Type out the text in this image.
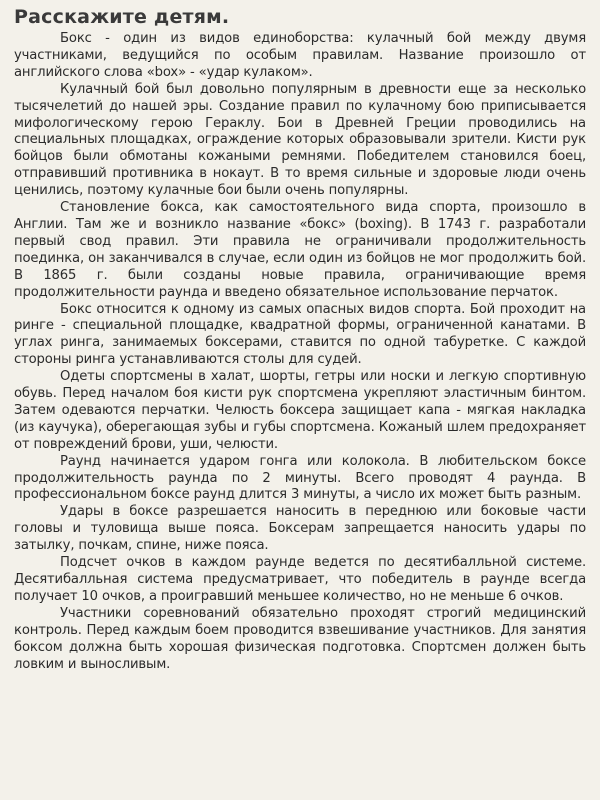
Расскажите детям.

Бокс - один из видов единоборства: кулачный бой между двумя участниками, ведущийся по особым правилам. Название произошло от английского слова «box» - «удар кулаком».

Кулачный бой был довольно популярным в древности еще за несколько тысячелетий до нашей эры. Создание правил по кулачному бою приписывается мифологическому герою Гераклу. Бои в Древней Греции проводились на специальных площадках, ограждение которых образовывали зрители. Кисти рук бойцов были обмотаны кожаными ремнями. Победителем становился боец, отправивший противника в нокаут. В то время сильные и здоровые люди очень ценились, поэтому кулачные бои были очень популярны.

Становление бокса, как самостоятельного вида спорта, произошло в Англии. Там же и возникло название «бокс» (boxing). В 1743 г. разработали первый свод правил. Эти правила не ограничивали продолжительность поединка, он заканчивался в случае, если один из бойцов не мог продолжить бой. В 1865 г. были созданы новые правила, ограничивающие время продолжительности раунда и введено обязательное использование перчаток.

Бокс относится к одному из самых опасных видов спорта. Бой проходит на ринге - специальной площадке, квадратной формы, ограниченной канатами. В углах ринга, занимаемых боксерами, ставится по одной табуретке. С каждой стороны ринга устанавливаются столы для судей.

Одеты спортсмены в халат, шорты, гетры или носки и легкую спортивную обувь. Перед началом боя кисти рук спортсмена укрепляют эластичным бинтом. Затем одеваются перчатки. Челюсть боксера защищает капа - мягкая накладка (из каучука), оберегающая зубы и губы спортсмена. Кожаный шлем предохраняет от повреждений брови, уши, челюсти.

Раунд начинается ударом гонга или колокола. В любительском боксе продолжительность раунда по 2 минуты. Всего проводят 4 раунда. В профессиональном боксе раунд длится 3 минуты, а число их может быть разным.

Удары в боксе разрешается наносить в переднюю или боковые части головы и туловища выше пояса. Боксерам запрещается наносить удары по затылку, почкам, спине, ниже пояса.

Подсчет очков в каждом раунде ведется по десятибалльной системе. Десятибалльная система предусматривает, что победитель в раунде всегда получает 10 очков, а проигравший меньшее количество, но не меньше 6 очков.

Участники соревнований обязательно проходят строгий медицинский контроль. Перед каждым боем проводится взвешивание участников. Для занятия боксом должна быть хорошая физическая подготовка. Спортсмен должен быть ловким и выносливым.
